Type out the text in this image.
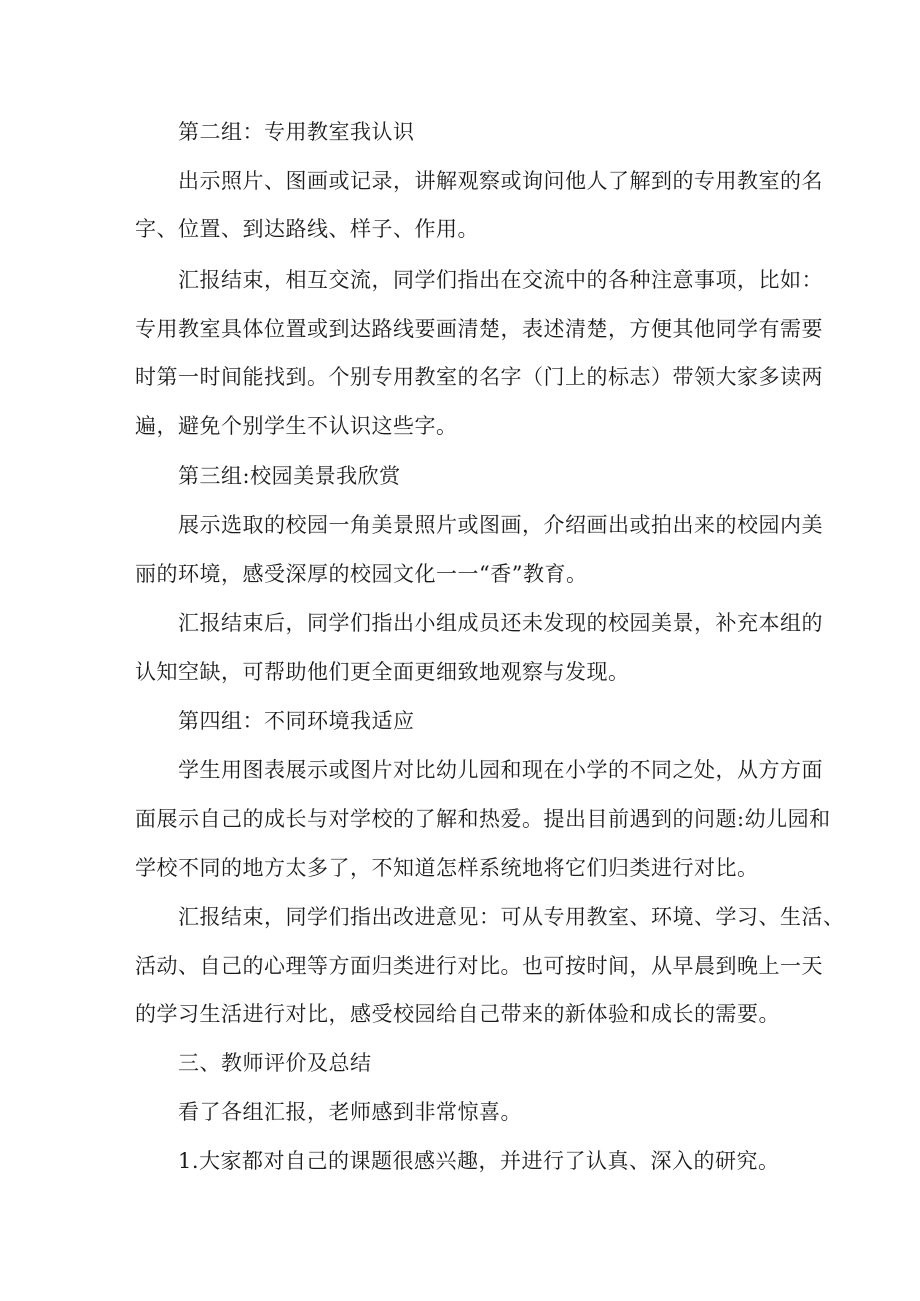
第二组：专用教室我认识
出示照片、图画或记录，讲解观察或询问他人了解到的专用教室的名
字、位置、到达路线、样子、作用。
汇报结束，相互交流，同学们指出在交流中的各种注意事项，比如：
专用教室具体位置或到达路线要画清楚，表述清楚，方便其他同学有需要
时第一时间能找到。个别专用教室的名字（门上的标志）带领大家多读两
遍，避免个别学生不认识这些字。
第三组:校园美景我欣赏
展示选取的校园一角美景照片或图画，介绍画出或拍出来的校园内美
丽的环境，感受深厚的校园文化一一“香”教育。
汇报结束后，同学们指出小组成员还未发现的校园美景，补充本组的
认知空缺，可帮助他们更全面更细致地观察与发现。
第四组：不同环境我适应
学生用图表展示或图片对比幼儿园和现在小学的不同之处，从方方面
面展示自己的成长与对学校的了解和热爱。提出目前遇到的问题:幼儿园和
学校不同的地方太多了，不知道怎样系统地将它们归类进行对比。
汇报结束，同学们指出改进意见：可从专用教室、环境、学习、生活、
活动、自己的心理等方面归类进行对比。也可按时间，从早晨到晚上一天
的学习生活进行对比，感受校园给自己带来的新体验和成长的需要。
三、教师评价及总结
看了各组汇报，老师感到非常惊喜。
1.大家都对自己的课题很感兴趣，并进行了认真、深入的研究。
